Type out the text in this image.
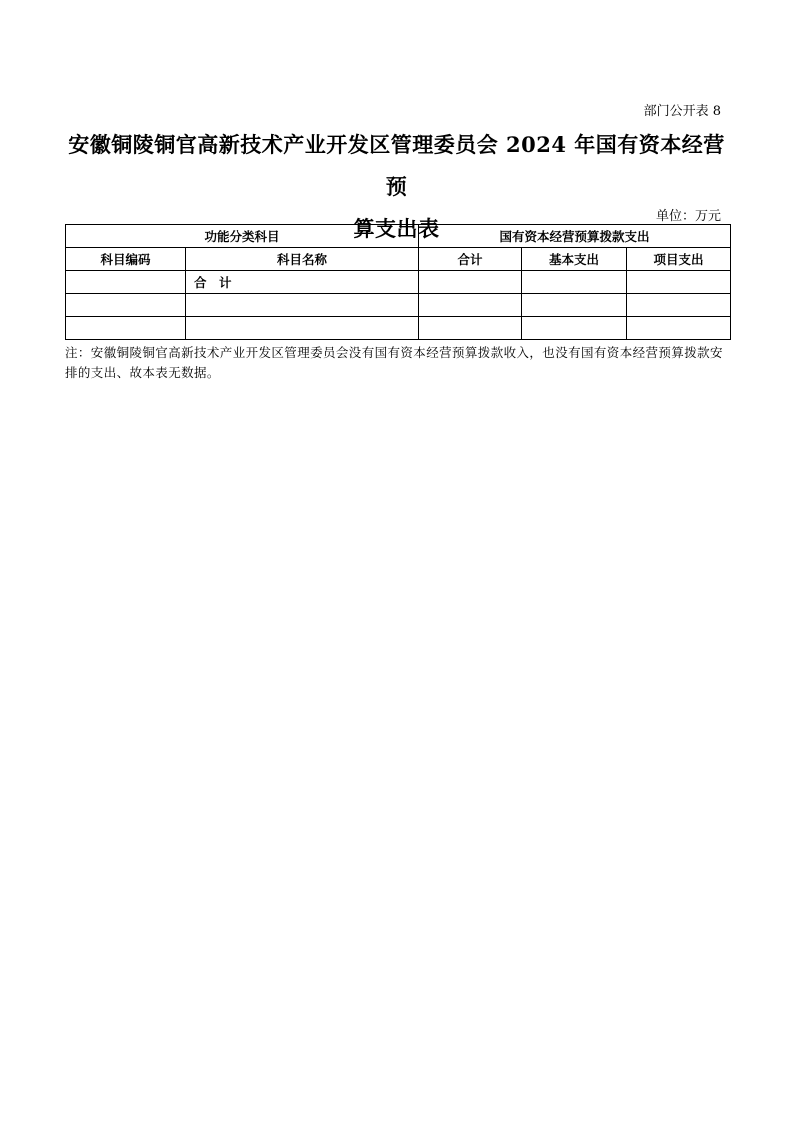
部门公开表 8
安徽铜陵铜官高新技术产业开发区管理委员会 2024 年国有资本经营预
算支出表	单位：万元
功能分类科目		国有资本经营预算拨款支出		
科目编码	科目名称	合计	基本支出	项目支出
	合　计			

注：安徽铜陵铜官高新技术产业开发区管理委员会没有国有资本经营预算拨款收入，也没有国有资本经营预算拨款安排的支出、故本表无数据。
